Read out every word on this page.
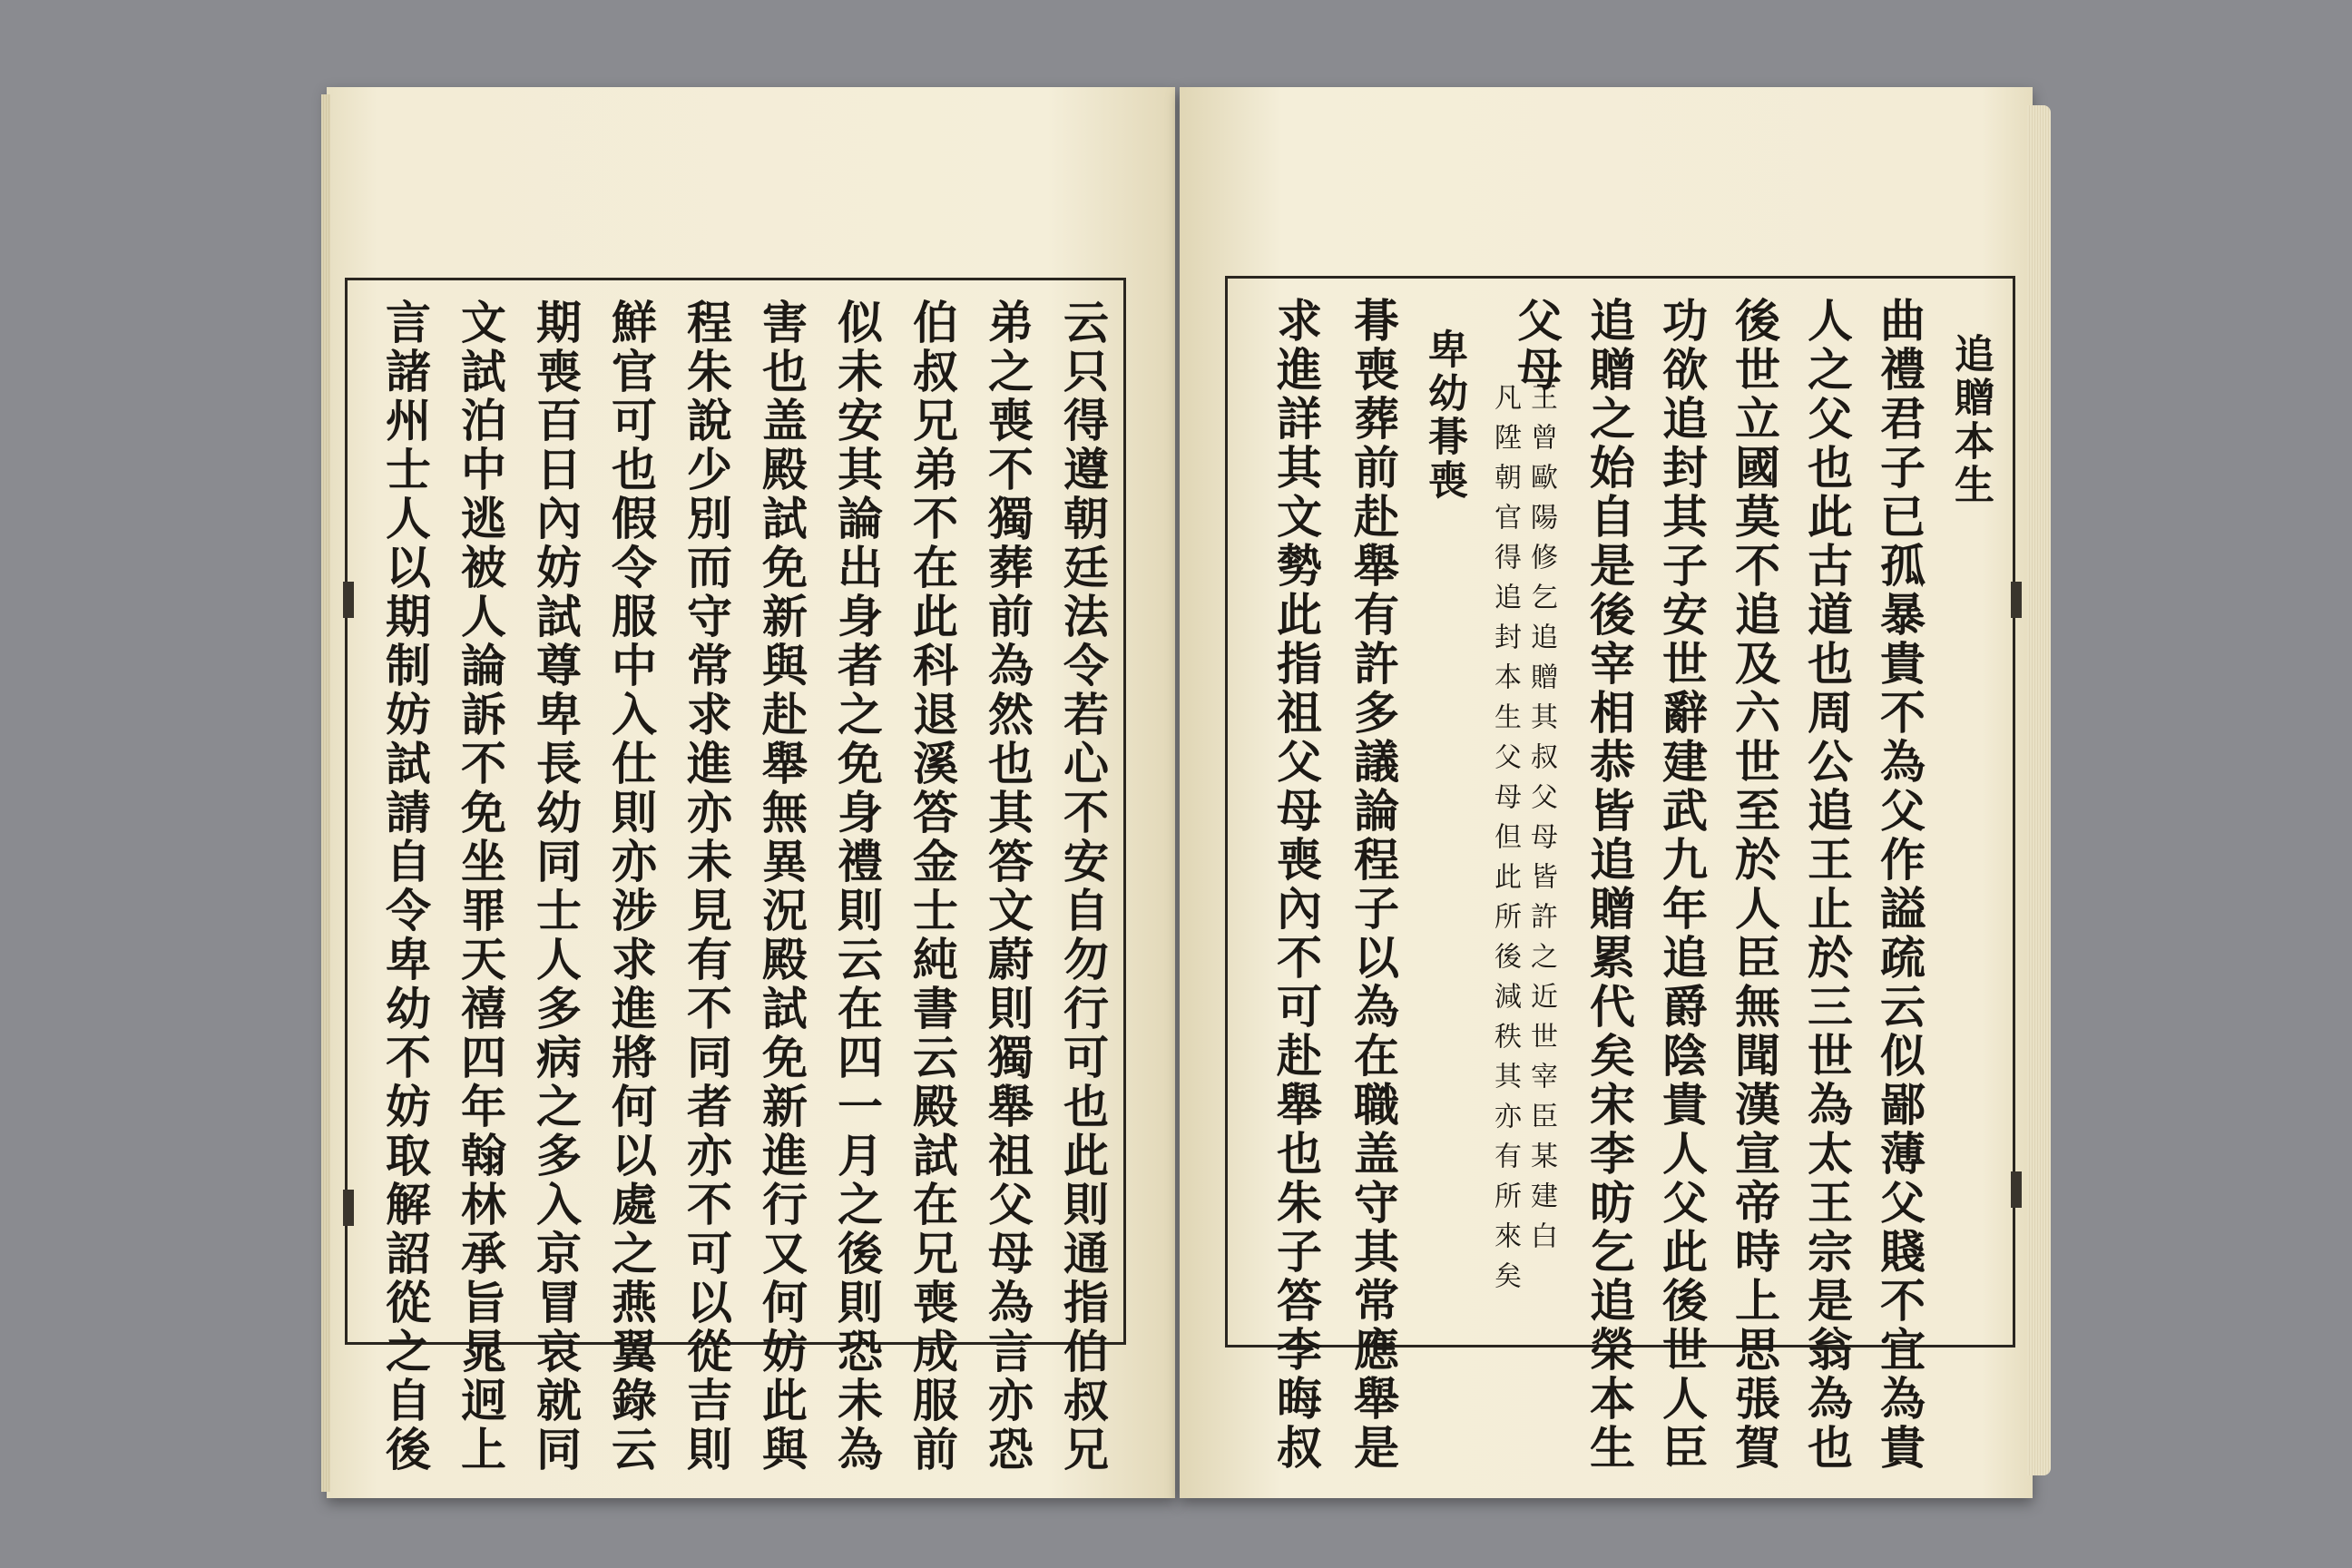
云只得遵朝廷法令若心不安自勿行可也此則通指伯叔兄
弟之喪不獨葬前為然也其答文蔚則獨舉祖父母為言亦恐
伯叔兄弟不在此科退溪答金士純書云殿試在兄喪成服前
似未安其論出身者之免身禮則云在四一月之後則恐未為
害也盖殿試免新與赴舉無異況殿試免新進行又何妨此與
程朱說少別而守常求進亦未見有不同者亦不可以從吉則
鮮官可也假令服中入仕則亦涉求進將何以處之燕翼錄云
期喪百日內妨試尊卑長幼同士人多病之多入京冒哀就同
文試泊中逃被人論訴不免坐罪天禧四年翰林承旨晁迥上
言諸州士人以期制妨試請自令卑幼不妨取解詔從之自後	追贈本生
曲禮君子已孤暴貴不為父作謚疏云似鄙薄父賤不宜為貴
人之父也此古道也周公追王止於三世為太王宗是翁為也
後世立國莫不追及六世至於人臣無聞漢宣帝時上思張賀
功欲追封其子安世辭建武九年追爵陰貴人父此後世人臣
追贈之始自是後宰相恭皆追贈累代矣宋李昉乞追榮本生
父母
王曾歐陽修乞追贈其叔父母皆許之近世宰臣某建白
凡陞朝官得追封本生父母但此所後減秩其亦有所來矣
卑幼朞喪
朞喪葬前赴舉有許多議論程子以為在職盖守其常應舉是
求進詳其文勢此指祖父母喪內不可赴舉也朱子答李晦叔
